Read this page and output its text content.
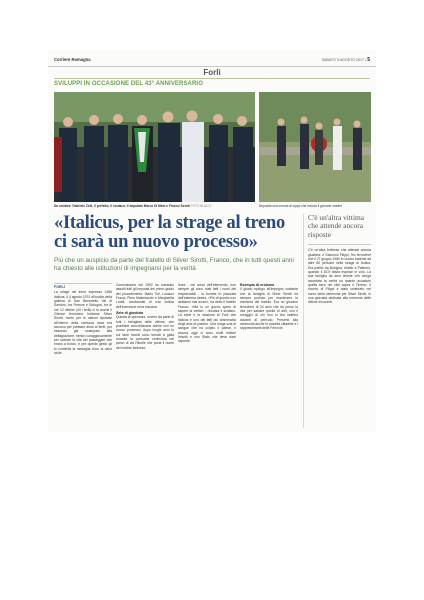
Corriere Romagna	SABATO 5 AGOSTO 2017 • 5
Forlì
SVILUPPI IN OCCASIONE DEL 43° ANNIVERSARIO
Da sinistra: Gabriele Zelli, il prefetto, il sindaco, il deputato Marco Di Maio e Franco Sirotti FOTO BLACO	Deposita una corona al cippo che ricorda il giovane martire
«Italicus, per la strage al treno ci sarà un nuovo processo»
Più che un auspicio da parte del fratello di Silver Sirotti, Franco, che in tutti questi anni ha chiesto alle istituzioni di impegnarsi per la verità
FORLÌ
La strage nel treno espresso 1486 Italicus, il 4 agosto 1974 all'uscita della galleria di San Benedetto Val di Sambro, tra Firenze e Bologna, tra le ore 12 vittime (44 i feriti) ci fu anche il 24enne ferroviere forlivese Silver Sirotti, morto per le ustioni riportate all'interno della carrozza dove era accorso per prestare aiuto ai feriti: pur essendo già scampato alla deflagrazione, rientrò coraggiosamente per salvare la vita dei passeggeri che erano a bordo, e per questo gesto gli fu conferita la medaglia d'oro al valor civile.
Commissione nel 1992 ha mandato assolti tutti gli imputati del primo grado del procedimento: Mario Tuti, Luciano Franci, Piero Malentacchi e Margherita Luddi, condannati di una cellula dell'eversione nera toscana.
Sete di giustizia
Questa la speranza, ovvero da parte di tutti i famigliari delle vittime, che potrebbe concretizzarsi anche con un nuovo processo, dopo lunghi anni in cui tanti ricordi sono tornati a galla durante la consueta cerimonia nel parco di via Ribolle che porta il nome del martire forlivese.
forze - nel corso dell'intervento, non sempre gli sono stati fatti i nomi dei responsabili - la bomba fu piazzata dall'estrema destra. «Più di questo non abbiamo mai avuto», ha detto il fratello Franco. «Ma io un giorno spero di sapere la verità» - rincalza il sindaco. La sede e la stazione di Forlì che Italicus è uno dei fatti più drammatici degli anni di piombo. Una lunga scia di sangue che ha colpito il paese, e ancora oggi ci sono molti misteri irrisolti e uno Stato che deve dare risposte.
Esempio di eroismo
Il giusto epilogo all'impegno costante che la famiglia di Silver Sirotti ha sempre profuso per mantenere la memoria del fratello. Era un giovane ferroviere di 24 anni che ha perso la vita per salvare quella di altri, con il coraggio di chi non si tira indietro davanti al pericolo. Presenti alla cerimonia anche le autorità cittadine e i rappresentanti delle Ferrovie.
C'è un'altra vittima che attende ancora risposte
C'è un'altra forlivese che attende ancora giustizia: è Giacomo Filippi, l'ex ferroviere che il 27 giugno 1980 fu ucciso insieme ad altre 80 persone nella strage di Ustica. Era partito da Bologna, diretto a Palermo, quando il DC9 Itavia esplose in volo. La sua famiglia da anni chiede che venga accertata la verità su quanto accaduto quella sera nei cieli sopra il Tirreno. Il ricordo di Filippi è stato celebrato nel corso della cerimonia per Silver Sirotti, in una giornata dedicata alla memoria delle vittime innocenti.
